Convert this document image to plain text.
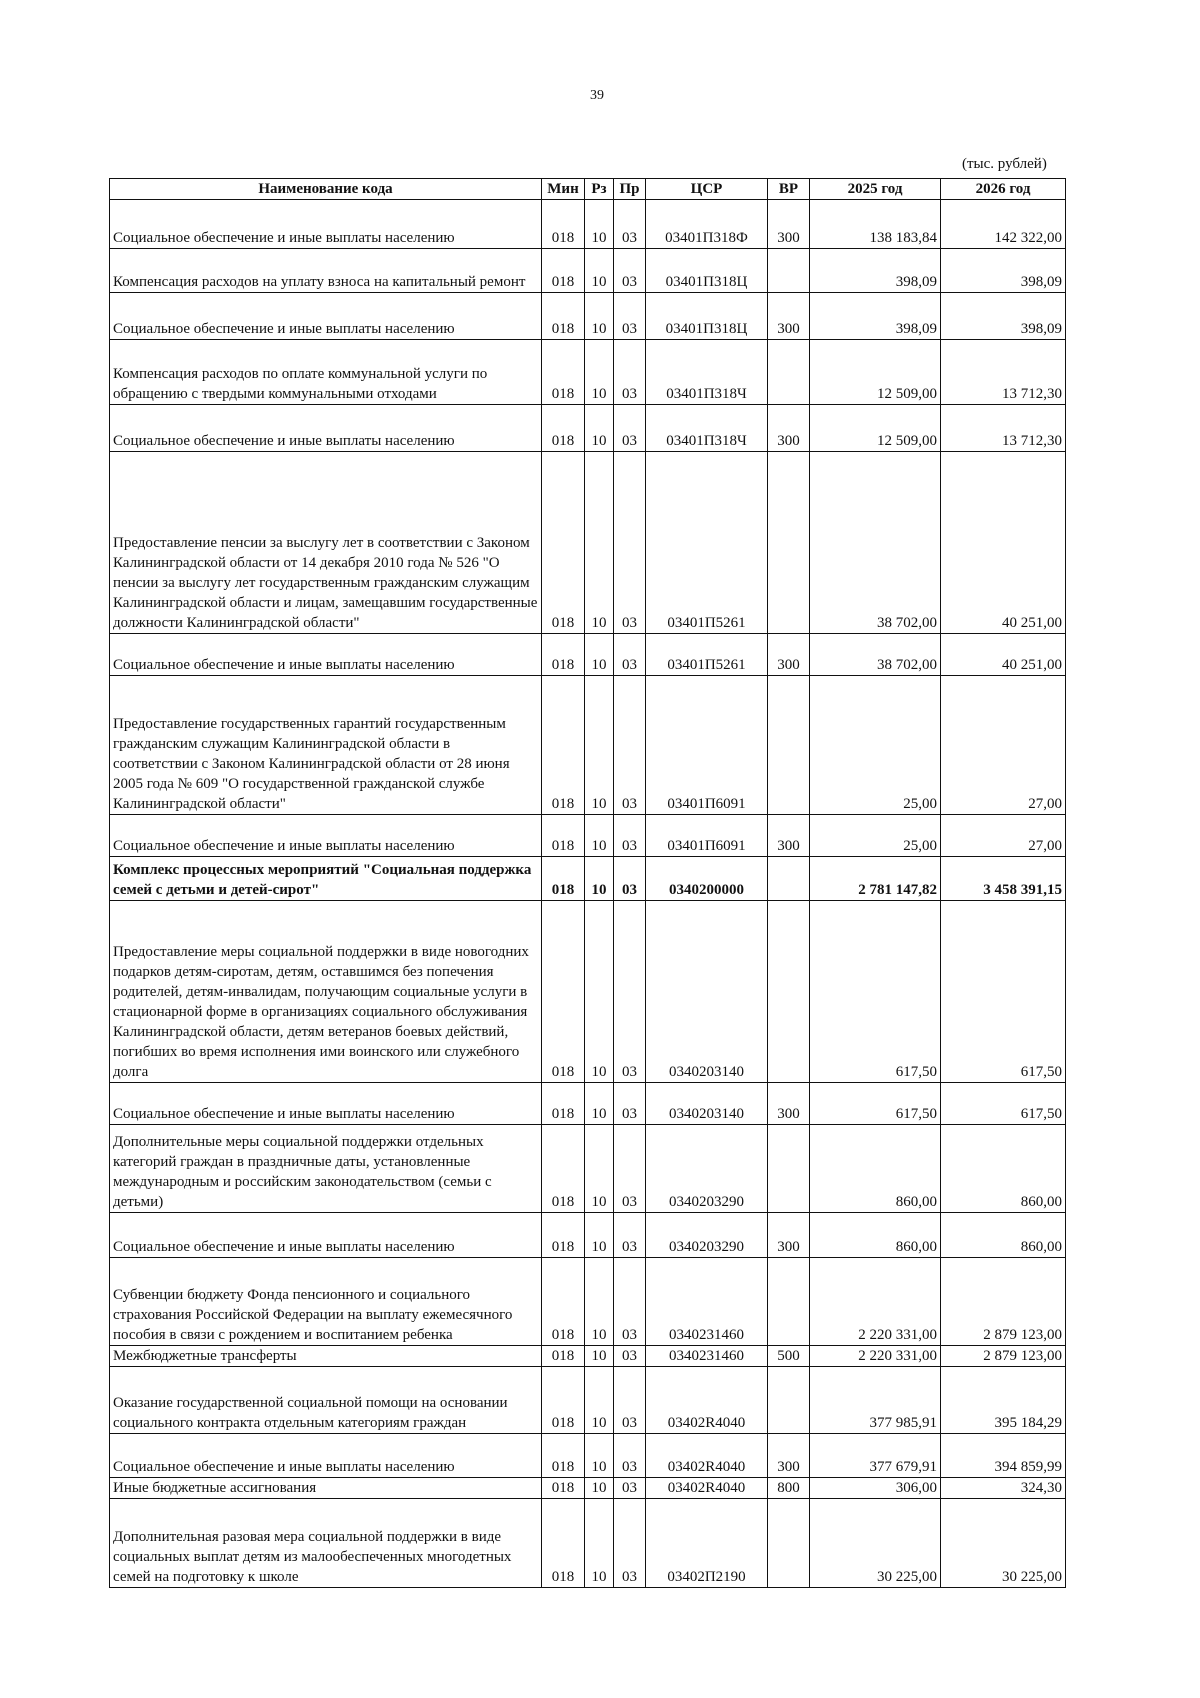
39
(тыс. рублей)
Наименование кода	Мин	Рз	Пр	ЦСР	ВР	2025 год	2026 год
Социальное обеспечение и иные выплаты населению	018	10	03	03401П318Ф	300	138 183,84	142 322,00
Компенсация расходов на уплату взноса на капитальный ремонт	018	10	03	03401П318Ц		398,09	398,09
Социальное обеспечение и иные выплаты населению	018	10	03	03401П318Ц	300	398,09	398,09
Компенсация расходов по оплате коммунальной услуги по обращению с твердыми коммунальными отходами	018	10	03	03401П318Ч		12 509,00	13 712,30
Социальное обеспечение и иные выплаты населению	018	10	03	03401П318Ч	300	12 509,00	13 712,30
Предоставление пенсии за выслугу лет в соответствии с Законом Калининградской области от 14 декабря 2010 года № 526 "О пенсии за выслугу лет государственным гражданским служащим Калининградской области и лицам, замещавшим государственные должности Калининградской области"	018	10	03	03401П5261		38 702,00	40 251,00
Социальное обеспечение и иные выплаты населению	018	10	03	03401П5261	300	38 702,00	40 251,00
Предоставление государственных гарантий государственным гражданским служащим Калининградской области в соответствии с Законом Калининградской области от 28 июня 2005 года № 609 "О государственной гражданской службе Калининградской области"	018	10	03	03401П6091		25,00	27,00
Социальное обеспечение и иные выплаты населению	018	10	03	03401П6091	300	25,00	27,00
Комплекс процессных мероприятий "Социальная поддержка семей с детьми и детей-сирот"	018	10	03	0340200000		2 781 147,82	3 458 391,15
Предоставление меры социальной поддержки в виде новогодних подарков детям-сиротам, детям, оставшимся без попечения родителей, детям-инвалидам, получающим социальные услуги в стационарной форме в организациях социального обслуживания Калининградской области, детям ветеранов боевых действий, погибших во время исполнения ими воинского или служебного долга	018	10	03	0340203140		617,50	617,50
Социальное обеспечение и иные выплаты населению	018	10	03	0340203140	300	617,50	617,50
Дополнительные меры социальной поддержки отдельных категорий граждан в праздничные даты, установленные международным и российским законодательством (семьи с детьми)	018	10	03	0340203290		860,00	860,00
Социальное обеспечение и иные выплаты населению	018	10	03	0340203290	300	860,00	860,00
Субвенции бюджету Фонда пенсионного и социального страхования Российской Федерации на выплату ежемесячного пособия в связи с рождением и воспитанием ребенка	018	10	03	0340231460		2 220 331,00	2 879 123,00
Межбюджетные трансферты	018	10	03	0340231460	500	2 220 331,00	2 879 123,00
Оказание государственной социальной помощи на основании социального контракта отдельным категориям граждан	018	10	03	03402R4040		377 985,91	395 184,29
Социальное обеспечение и иные выплаты населению	018	10	03	03402R4040	300	377 679,91	394 859,99
Иные бюджетные ассигнования	018	10	03	03402R4040	800	306,00	324,30
Дополнительная разовая мера социальной поддержки в виде социальных выплат детям из малообеспеченных многодетных семей на подготовку к школе	018	10	03	03402П2190		30 225,00	30 225,00
